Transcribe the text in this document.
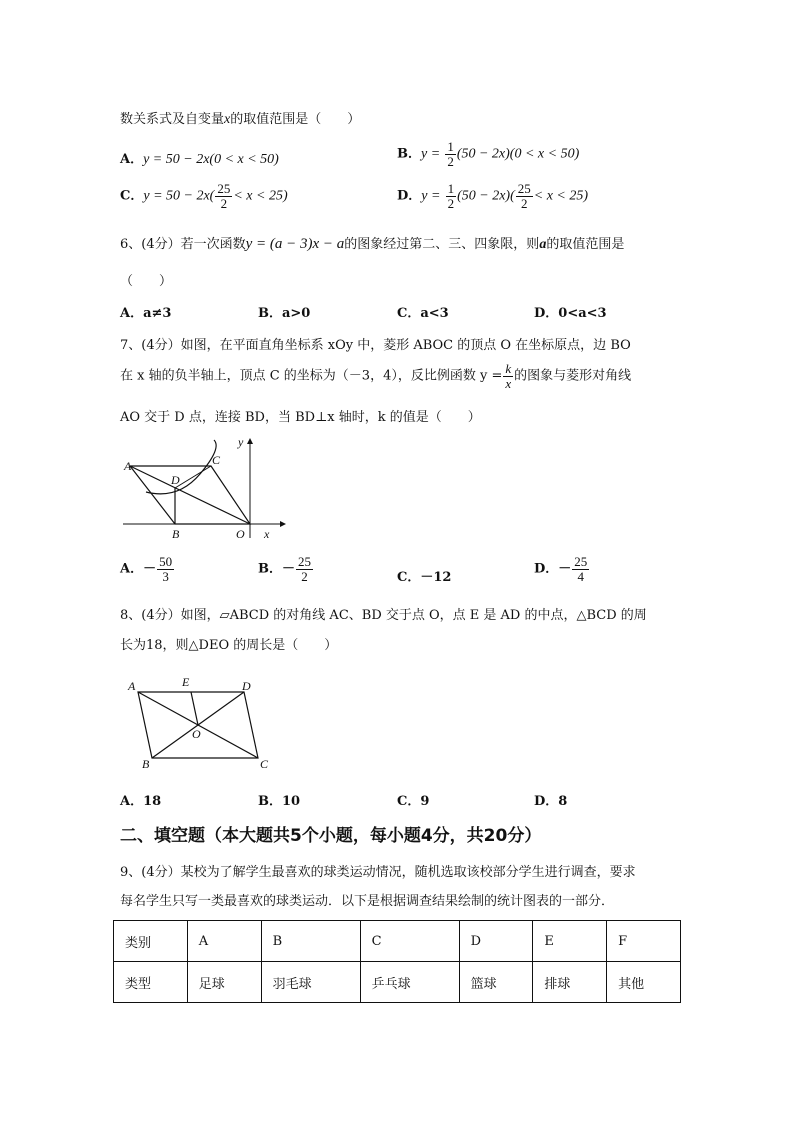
数关系式及自变量x的取值范围是（　　）
A．y = 50 − 2x(0 < x < 50)	B．$y = \frac{1}{2} (50 - 2x)(0 < x < 50)$
C．$y = 50 - 2x( \frac{25}{2} < x < 25)$	D．$y = \frac{1}{2} (50 - 2x)( \frac{25}{2} < x < 25)$
6、(4分）若一次函数y = (a − 3)x − a的图象经过第二、三、四象限，则a的取值范围是
（　　）
A．a≠3	B．a>0	C．a<3	D．0<a<3
7、(4分）如图，在平面直角坐标系 xOy 中，菱形 ABOC 的顶点 O 在坐标原点，边 BO
在 x 轴的负半轴上，顶点 C 的坐标为（－3，4），反比例函数 $y = \frac{k}{x}$ 的图象与菱形对角线
AO 交于 D 点，连接 BD，当 BD⊥x 轴时，k 的值是（　　）
A	C
D
B	O x
y
A．－ $\frac{50}{3}$	B．－ $\frac{25}{2}$	C．－12
D．－ $\frac{25}{4}$
8、(4分）如图，▱ABCD 的对角线 AC、BD 交于点 O，点 E 是 AD 的中点，△BCD 的周
长为18，则△DEO 的周长是（　　）
A	E	D
O
B	C
A．18	B．10	C．9	D．8
二、填空题（本大题共5个小题，每小题4分，共20分）
9、(4分）某校为了解学生最喜欢的球类运动情况，随机选取该校部分学生进行调查，要求
每名学生只写一类最喜欢的球类运动．以下是根据调查结果绘制的统计图表的一部分．
类别	A	B	C	D	E	F
类型	足球	羽毛球	乒乓球	篮球	排球	其他
